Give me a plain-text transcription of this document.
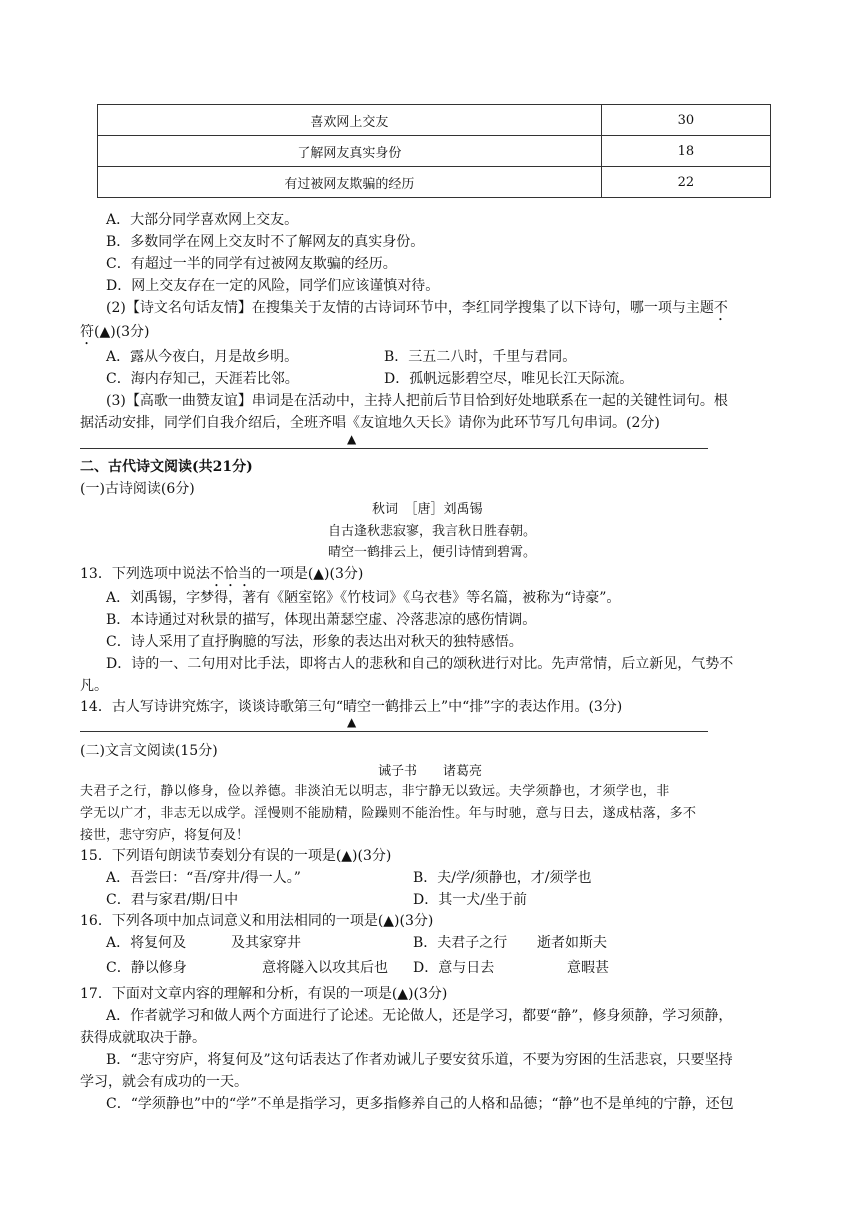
喜欢网上交友	30
了解网友真实身份	18
有过被网友欺骗的经历	22
A．大部分同学喜欢网上交友。
B．多数同学在网上交友时不了解网友的真实身份。
C．有超过一半的同学有过被网友欺骗的经历。
D．网上交友存在一定的风险，同学们应该谨慎对待。
(2)【诗文名句话友情】在搜集关于友情的古诗词环节中，李红同学搜集了以下诗句，哪一项与主题不
符(▲)(3分)
A．露从今夜白，月是故乡明。	B．三五二八时，千里与君同。
C．海内存知己，天涯若比邻。	D．孤帆远影碧空尽，唯见长江天际流。
(3)【高歌一曲赞友谊】串词是在活动中，主持人把前后节目恰到好处地联系在一起的关键性词句。根
据活动安排，同学们自我介绍后，全班齐唱《友谊地久天长》请你为此环节写几句串词。(2分)
▲
二、古代诗文阅读(共21分)
(一)古诗阅读(6分)
秋词　［唐］刘禹锡
自古逢秋悲寂寥，我言秋日胜春朝。
晴空一鹤排云上，便引诗情到碧霄。
13．下列选项中说法不恰当的一项是(▲)(3分)
A．刘禹锡，字梦得，著有《陋室铭》《竹枝词》《乌衣巷》等名篇，被称为“诗豪”。
B．本诗通过对秋景的描写，体现出萧瑟空虚、冷落悲凉的感伤情调。
C．诗人采用了直抒胸臆的写法，形象的表达出对秋天的独特感悟。
D．诗的一、二句用对比手法，即将古人的悲秋和自己的颂秋进行对比。先声常情，后立新见，气势不
凡。
14．古人写诗讲究炼字，谈谈诗歌第三句“晴空一鹤排云上”中“排”字的表达作用。(3分)
▲
(二)文言文阅读(15分)
诫子书　　诸葛亮
夫君子之行，静以修身，俭以养德。非淡泊无以明志，非宁静无以致远。夫学须静也，才须学也，非
学无以广才，非志无以成学。淫慢则不能励精，险躁则不能治性。年与时驰，意与日去，遂成枯落，多不
接世，悲守穷庐，将复何及！
15．下列语句朗读节奏划分有误的一项是(▲)(3分)
A．吾尝曰：“吾/穿井/得一人。”	B．夫/学/须静也，才/须学也
C．君与家君/期/日中	D．其一犬/坐于前
16．下列各项中加点词意义和用法相同的一项是(▲)(3分)
A．将复何及	及其家穿井	B．夫君子之行 逝者如斯夫
C．静以修身	意将隧入以攻其后也 D．意与日去	意暇甚
17．下面对文章内容的理解和分析，有误的一项是(▲)(3分)
A．作者就学习和做人两个方面进行了论述。无论做人，还是学习，都要“静”，修身须静，学习须静，
获得成就取决于静。
B．“悲守穷庐，将复何及”这句话表达了作者劝诫儿子要安贫乐道，不要为穷困的生活悲哀，只要坚持
学习，就会有成功的一天。
C．“学须静也”中的“学”不单是指学习，更多指修养自己的人格和品德；“静”也不是单纯的宁静，还包
